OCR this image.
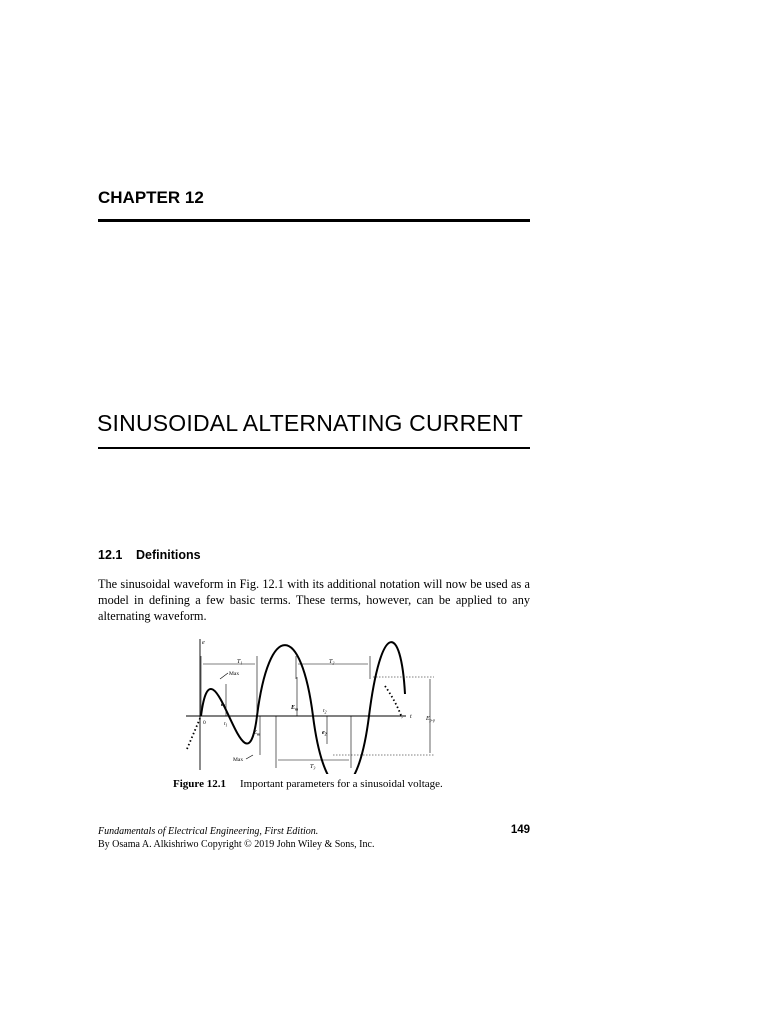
CHAPTER 12
SINUSOIDAL ALTERNATING CURRENT
12.1 Definitions

The sinusoidal waveform in Fig. 12.1 with its additional notation will now be used as a model in defining a few basic terms. These terms, however, can be applied to any alternating waveform.

e
t
0
$T_1$	$T_2$
$T_3$
$E_{p-p}$
$E_m$
$E_m$
Max
Max
$e_1$
$t_1$
$e_2$
$t_2$

Figure 12.1 Important parameters for a sinusoidal voltage.

Fundamentals of Electrical Engineering, First Edition.
By Osama A. Alkishriwo Copyright © 2019 John Wiley & Sons, Inc.
149
